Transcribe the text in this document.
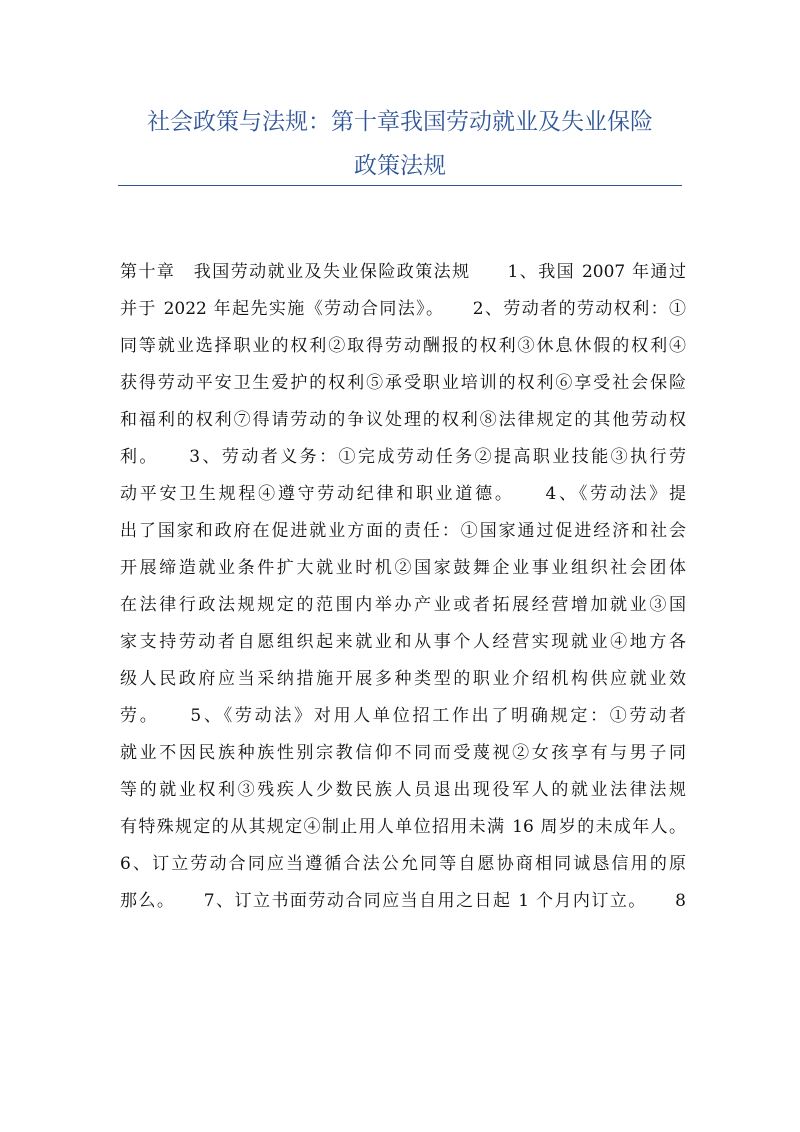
社会政策与法规：第十章我国劳动就业及失业保险
政策法规
第十章　我国劳动就业及失业保险政策法规　　1、我国 2007 年通过
并于 2022 年起先实施《劳动合同法》。　　2、劳动者的劳动权利：①
同等就业选择职业的权利②取得劳动酬报的权利③休息休假的权利④
获得劳动平安卫生爱护的权利⑤承受职业培训的权利⑥享受社会保险
和福利的权利⑦得请劳动的争议处理的权利⑧法律规定的其他劳动权
利。　　3、劳动者义务：①完成劳动任务②提高职业技能③执行劳
动平安卫生规程④遵守劳动纪律和职业道德。　　4、《劳动法》提
出了国家和政府在促进就业方面的责任：①国家通过促进经济和社会
开展缔造就业条件扩大就业时机②国家鼓舞企业事业组织社会团体
在法律行政法规规定的范围内举办产业或者拓展经营增加就业③国
家支持劳动者自愿组织起来就业和从事个人经营实现就业④地方各
级人民政府应当采纳措施开展多种类型的职业介绍机构供应就业效
劳。　　5、《劳动法》对用人单位招工作出了明确规定：①劳动者
就业不因民族种族性别宗教信仰不同而受蔑视②女孩享有与男子同
等的就业权利③残疾人少数民族人员退出现役军人的就业法律法规
有特殊规定的从其规定④制止用人单位招用未满 16 周岁的未成年人。
6、订立劳动合同应当遵循合法公允同等自愿协商相同诚恳信用的原
那么。　　7、订立书面劳动合同应当自用之日起 1 个月内订立。　　8
